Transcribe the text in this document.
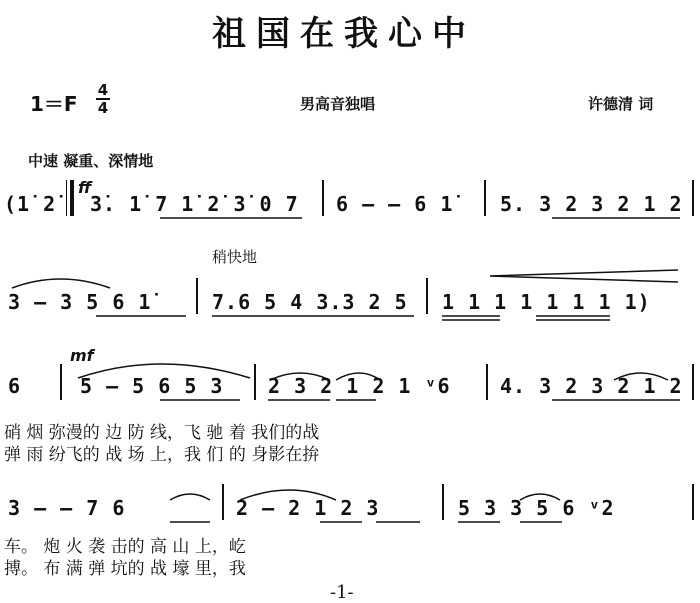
祖国在我心中
1＝F
4
4	男高音独唱	许德清 词
中速 凝重、深情地
(1̇ 2̇
ff
3̇. 1̇ 7 1̇ 2̇ 3̇ 0 7 6 — — 6 1̇ 5. 3 2 3 2 1 2
稍快地
3 — 3 5 6 1̇	7.6 5 4 3.3 2 5 1 1 1 1 1 1 1 1)
mf
6	5 — 5 6 5 3 2 3 2 1 2 1 ᵛ6 4. 3 2 3 2 1 2
硝 烟 弥漫的 边 防 线，飞 驰 着 我们的战
弹 雨 纷飞的 战 场 上，我 们 的 身影在拚
3 — — 7 6	2 — 2 1 2 3	5 3 3 5 6 ᵛ2
车。 炮 火 袭 击的 高 山 上，屹
搏。 布 满 弹 坑的 战 壕 里，我
-1-
